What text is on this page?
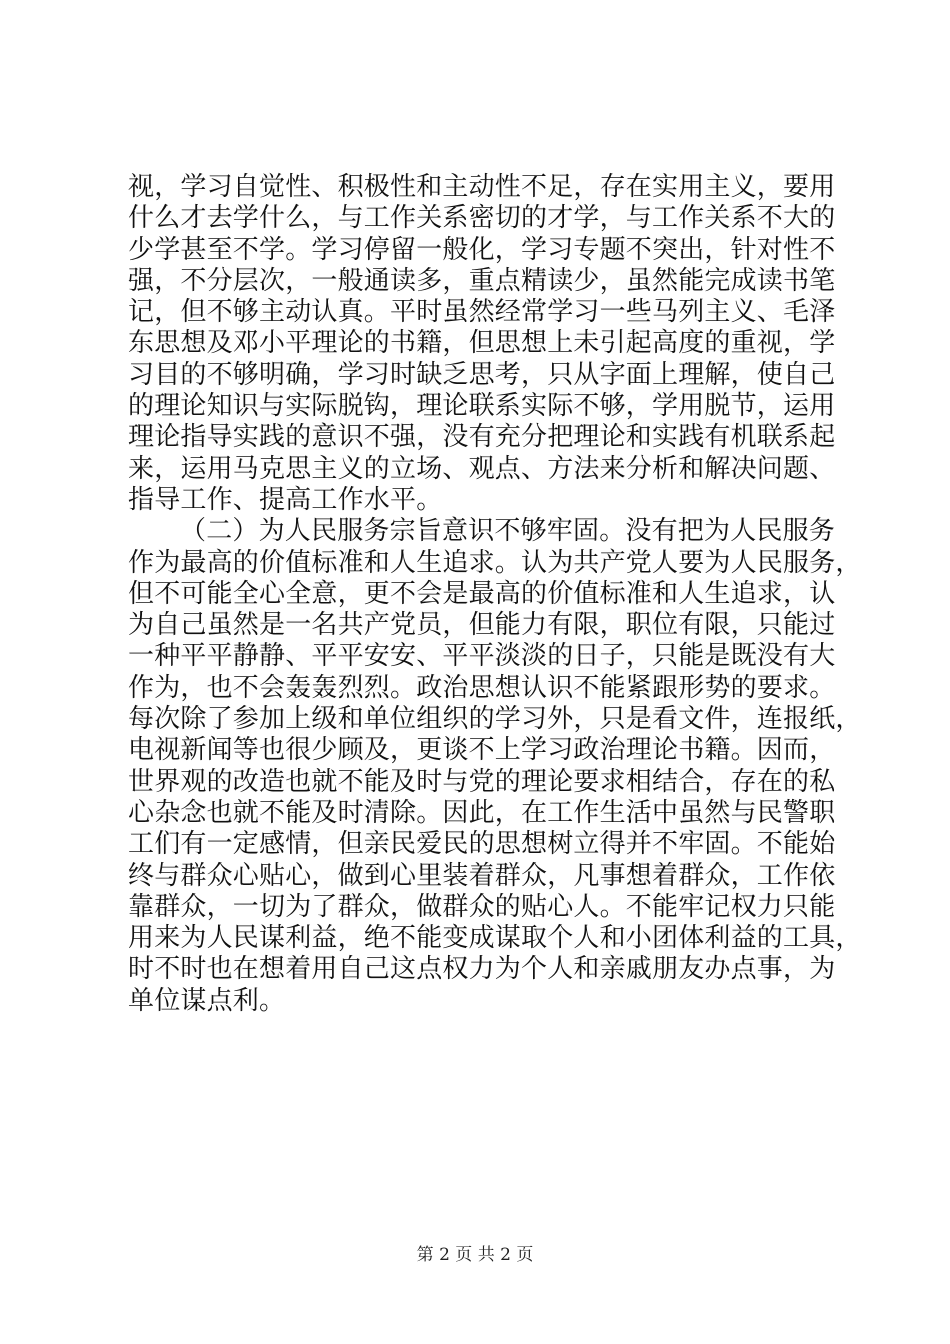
视，学习自觉性、积极性和主动性不足，存在实用主义，要用
什么才去学什么，与工作关系密切的才学，与工作关系不大的
少学甚至不学。学习停留一般化，学习专题不突出，针对性不
强，不分层次，一般通读多，重点精读少，虽然能完成读书笔
记，但不够主动认真。平时虽然经常学习一些马列主义、毛泽
东思想及邓小平理论的书籍，但思想上未引起高度的重视，学
习目的不够明确，学习时缺乏思考，只从字面上理解，使自己
的理论知识与实际脱钩，理论联系实际不够，学用脱节，运用
理论指导实践的意识不强，没有充分把理论和实践有机联系起
来，运用马克思主义的立场、观点、方法来分析和解决问题、
指导工作、提高工作水平。
（二）为人民服务宗旨意识不够牢固。没有把为人民服务
作为最高的价值标准和人生追求。认为共产党人要为人民服务，
但不可能全心全意，更不会是最高的价值标准和人生追求，认
为自己虽然是一名共产党员，但能力有限，职位有限，只能过
一种平平静静、平平安安、平平淡淡的日子，只能是既没有大
作为，也不会轰轰烈烈。政治思想认识不能紧跟形势的要求。
每次除了参加上级和单位组织的学习外，只是看文件，连报纸，
电视新闻等也很少顾及，更谈不上学习政治理论书籍。因而，
世界观的改造也就不能及时与党的理论要求相结合，存在的私
心杂念也就不能及时清除。因此，在工作生活中虽然与民警职
工们有一定感情，但亲民爱民的思想树立得并不牢固。不能始
终与群众心贴心，做到心里装着群众，凡事想着群众，工作依
靠群众，一切为了群众，做群众的贴心人。不能牢记权力只能
用来为人民谋利益，绝不能变成谋取个人和小团体利益的工具，
时不时也在想着用自己这点权力为个人和亲戚朋友办点事，为
单位谋点利。
第 2 页 共 2 页
